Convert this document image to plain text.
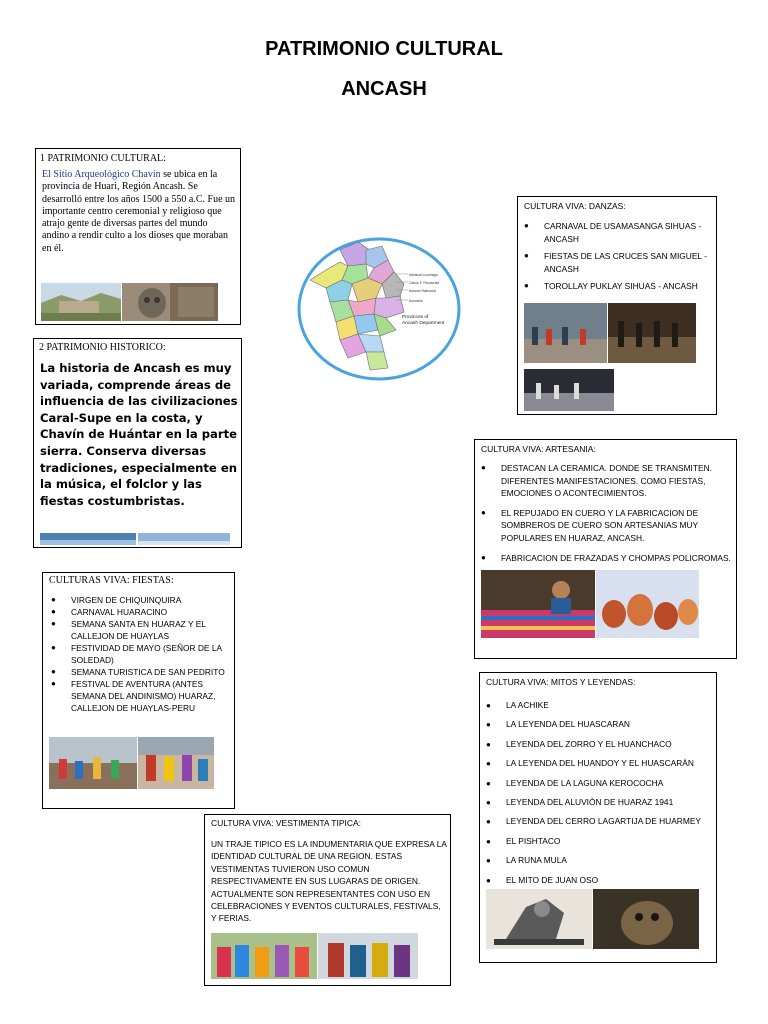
PATRIMONIO CULTURAL
ANCASH
1 PATRIMONIO CULTURAL:
El Sitio Arqueológico Chavín se ubica en la provincia de Huari, Región Ancash. Se desarrolló entre los años 1500 a 550 a.C. Fue un importante centro ceremonial y religioso que atrajo gente de diversas partes del mundo andino a rendir culto a los dioses que moraban en él.
2 PATRIMONIO HISTORICO:
La historia de Ancash es muy variada, comprende áreas de influencia de las civilizaciones Caral-Supe en la costa, y Chavín de Huántar en la parte sierra. Conserva diversas tradiciones, especialmente en la música, el folclor y las fiestas costumbristas.
CULTURAS VIVA: FIESTAS:
● VIRGEN DE CHIQUINQUIRA
● CARNAVAL HUARACINO
● SEMANA SANTA EN HUARAZ Y EL CALLEJON DE HUAYLAS
● FESTIVIDAD DE MAYO (SEÑOR DE LA SOLEDAD)
● SEMANA TURISTICA DE SAN PEDRITO
● FESTIVAL DE AVENTURA (ANTES SEMANA DEL ANDINISMO) HUARAZ, CALLEJON DE HUAYLAS-PERU
CULTURA VIVA: VESTIMENTA TIPICA:
UN TRAJE TIPICO ES LA INDUMENTARIA QUE EXPRESA LA IDENTIDAD CULTURAL DE UNA REGION. ESTAS VESTIMENTAS TUVIERON USO COMUN RESPECTIVAMENTE EN SUS LUGARAS DE ORIGEN. ACTUALMENTE SON REPRESENTANTES CON USO EN CELEBRACIONES Y EVENTOS CULTURALES, FESTIVALS, Y FERIAS.
Mariscal Luzuriaga
Carlos F. Fitzcarrald
Antonio Raimondi
Asunción
Provinces of
Ancash Department
CULTURA VIVA: DANZAS:
● CARNAVAL DE USAMASANGA SIHUAS - ANCASH
● FIESTAS DE LAS CRUCES SAN MIGUEL - ANCASH
● TOROLLAY PUKLAY SIHUAS - ANCASH
CULTURA VIVA: ARTESANIA:
● DESTACAN LA CERAMICA. DONDE SE TRANSMITEN. DIFERENTES MANIFESTACIONES. COMO FIESTAS, EMOCIONES O ACONTECIMIENTOS.
● EL REPUJADO EN CUERO Y LA FABRICACION DE SOMBREROS DE CUERO SON ARTESANIAS MUY POPULARES EN HUARAZ, ANCASH.
● FABRICACION DE FRAZADAS Y CHOMPAS POLICROMAS.
CULTURA VIVA: MITOS Y LEYENDAS:
● LA ACHIKE
● LA LEYENDA DEL HUASCARAN
● LEYENDA DEL ZORRO Y EL HUANCHACO
● LA LEYENDA DEL HUANDOY Y EL HUASCARÀN
● LEYENDA DE LA LAGUNA KEROCOCHA
● LEYENDA DEL ALUVIÒN DE HUARAZ 1941
● LEYENDA DEL CERRO LAGARTIJA DE HUARMEY
● EL PISHTACO
● LA RUNA MULA
● EL MITO DE JUAN OSO
